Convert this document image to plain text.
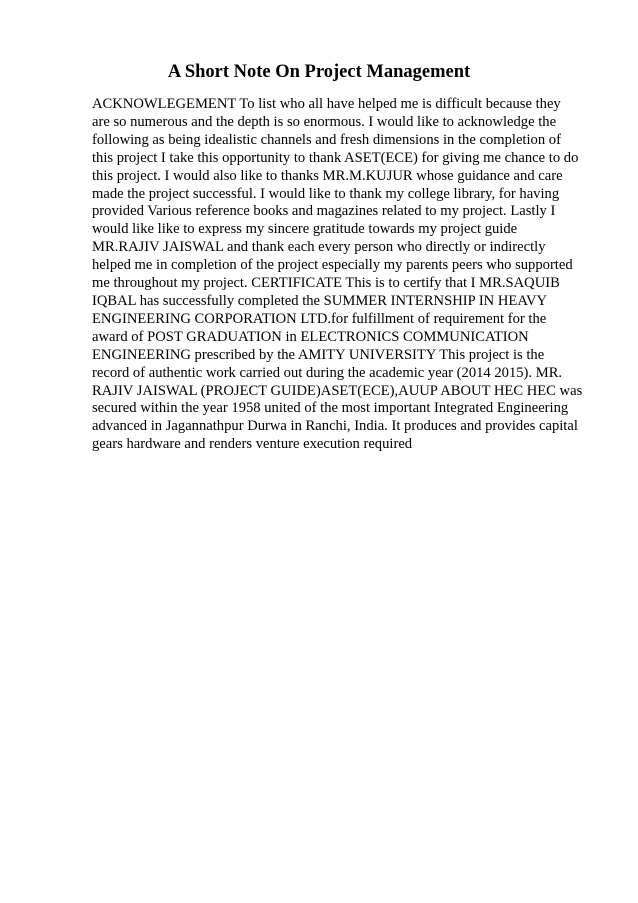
A Short Note On Project Management
ACKNOWLEGEMENT To list who all have helped me is difficult because they
are so numerous and the depth is so enormous. I would like to acknowledge the
following as being idealistic channels and fresh dimensions in the completion of
this project I take this opportunity to thank ASET(ECE) for giving me chance to do
this project. I would also like to thanks MR.M.KUJUR whose guidance and care
made the project successful. I would like to thank my college library, for having
provided Various reference books and magazines related to my project. Lastly I
would like like to express my sincere gratitude towards my project guide
MR.RAJIV JAISWAL and thank each every person who directly or indirectly
helped me in completion of the project especially my parents peers who supported
me throughout my project. CERTIFICATE This is to certify that I MR.SAQUIB
IQBAL has successfully completed the SUMMER INTERNSHIP IN HEAVY
ENGINEERING CORPORATION LTD.for fulfillment of requirement for the
award of POST GRADUATION in ELECTRONICS COMMUNICATION
ENGINEERING prescribed by the AMITY UNIVERSITY This project is the
record of authentic work carried out during the academic year (2014 2015). MR.
RAJIV JAISWAL (PROJECT GUIDE)ASET(ECE),AUUP ABOUT HEC HEC was
secured within the year 1958 united of the most important Integrated Engineering
advanced in Jagannathpur Durwa in Ranchi, India. It produces and provides capital
gears hardware and renders venture execution required
